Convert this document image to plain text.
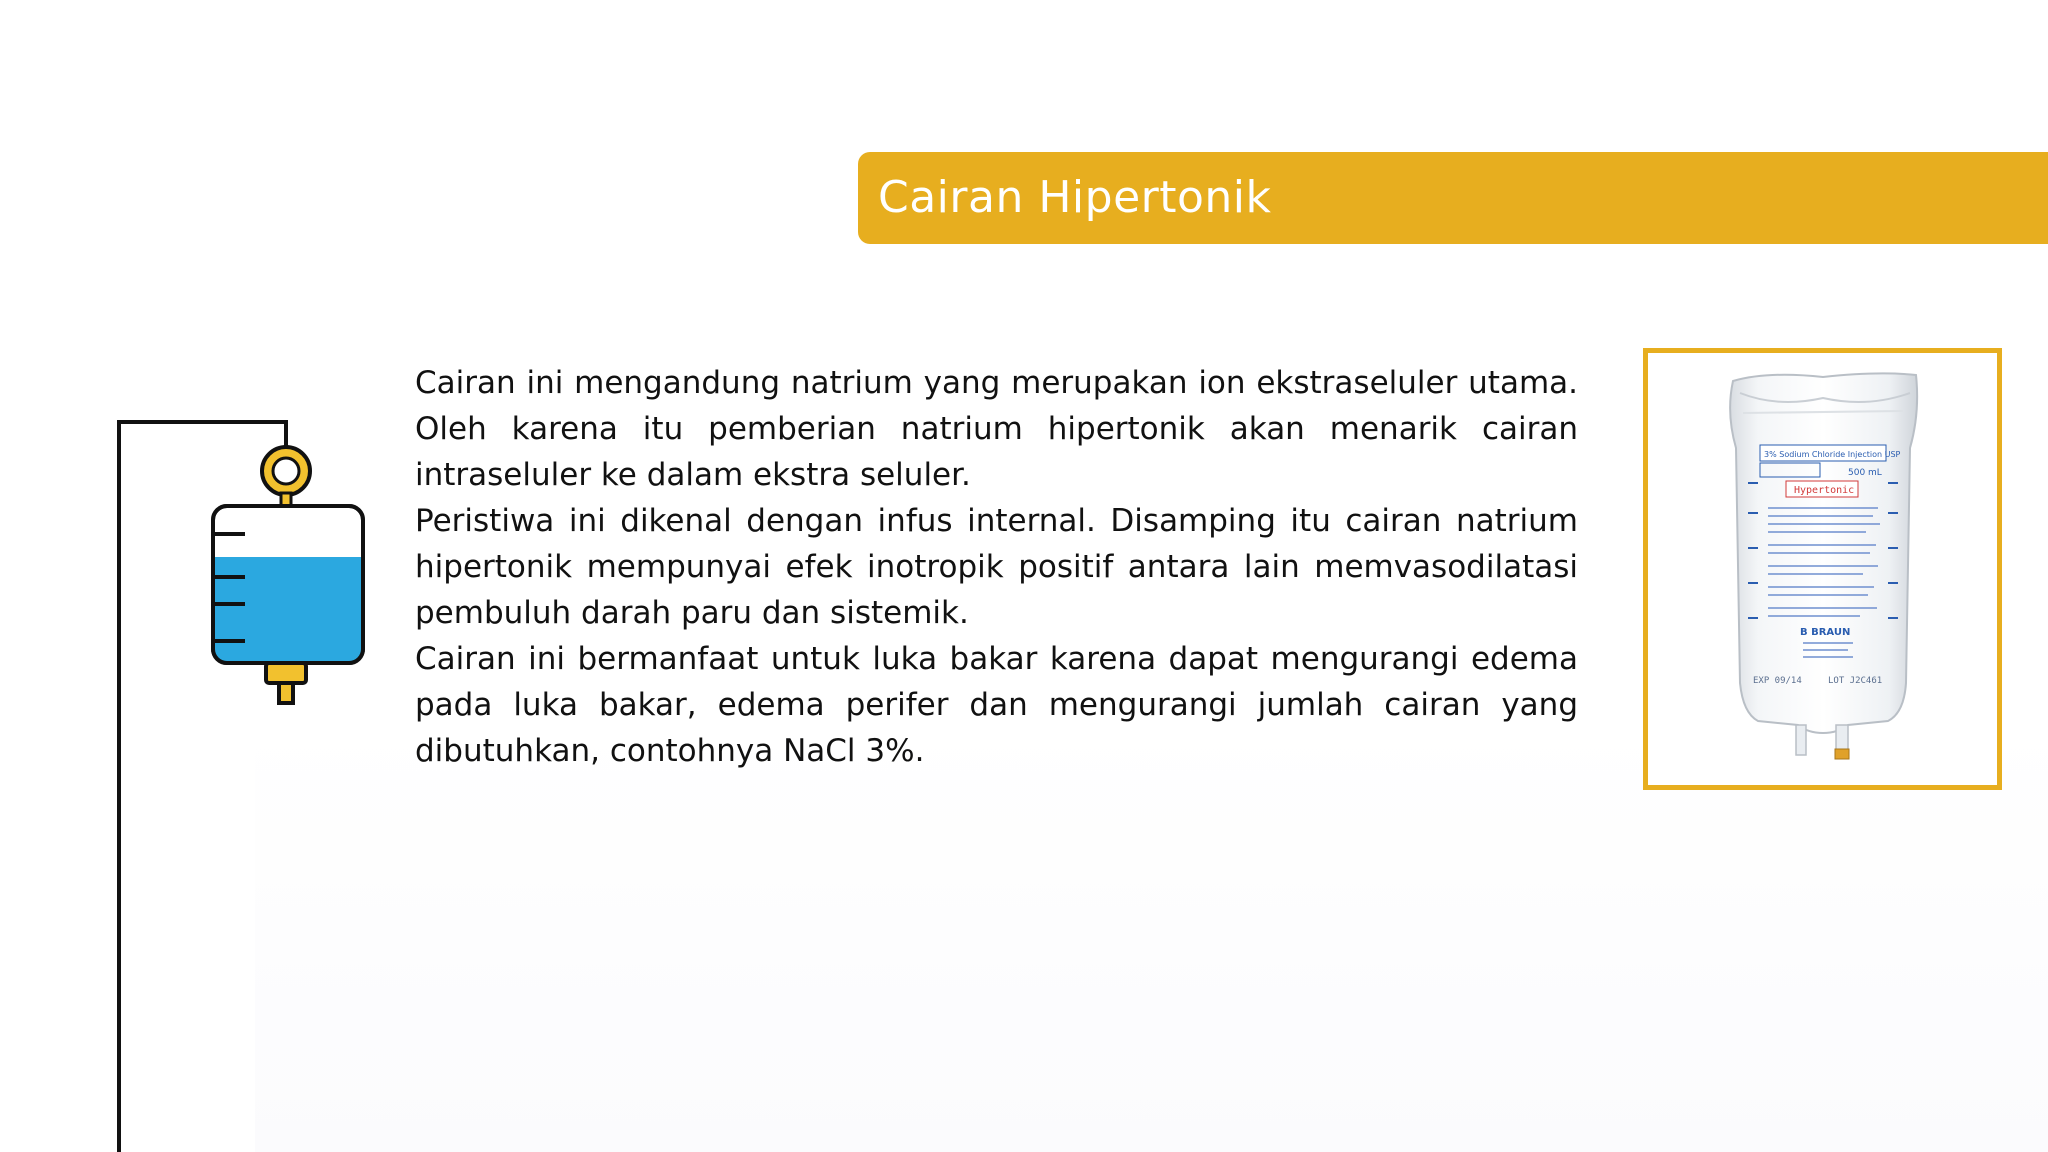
Cairan Hipertonik

Cairan ini mengandung natrium yang merupakan ion ekstraseluler utama. Oleh karena itu pemberian natrium hipertonik akan menarik cairan intraseluler ke dalam ekstra seluler.

Peristiwa ini dikenal dengan infus internal. Disamping itu cairan natrium hipertonik mempunyai efek inotropik positif antara lain memvasodilatasi pembuluh darah paru dan sistemik.

Cairan ini bermanfaat untuk luka bakar karena dapat mengurangi edema pada luka bakar, edema perifer dan mengurangi jumlah cairan yang dibutuhkan, contohnya NaCl 3%.

3% Sodium Chloride Injection USP
500 mL
Hypertonic
B BRAUN
EXP 09/14	LOT J2C461
